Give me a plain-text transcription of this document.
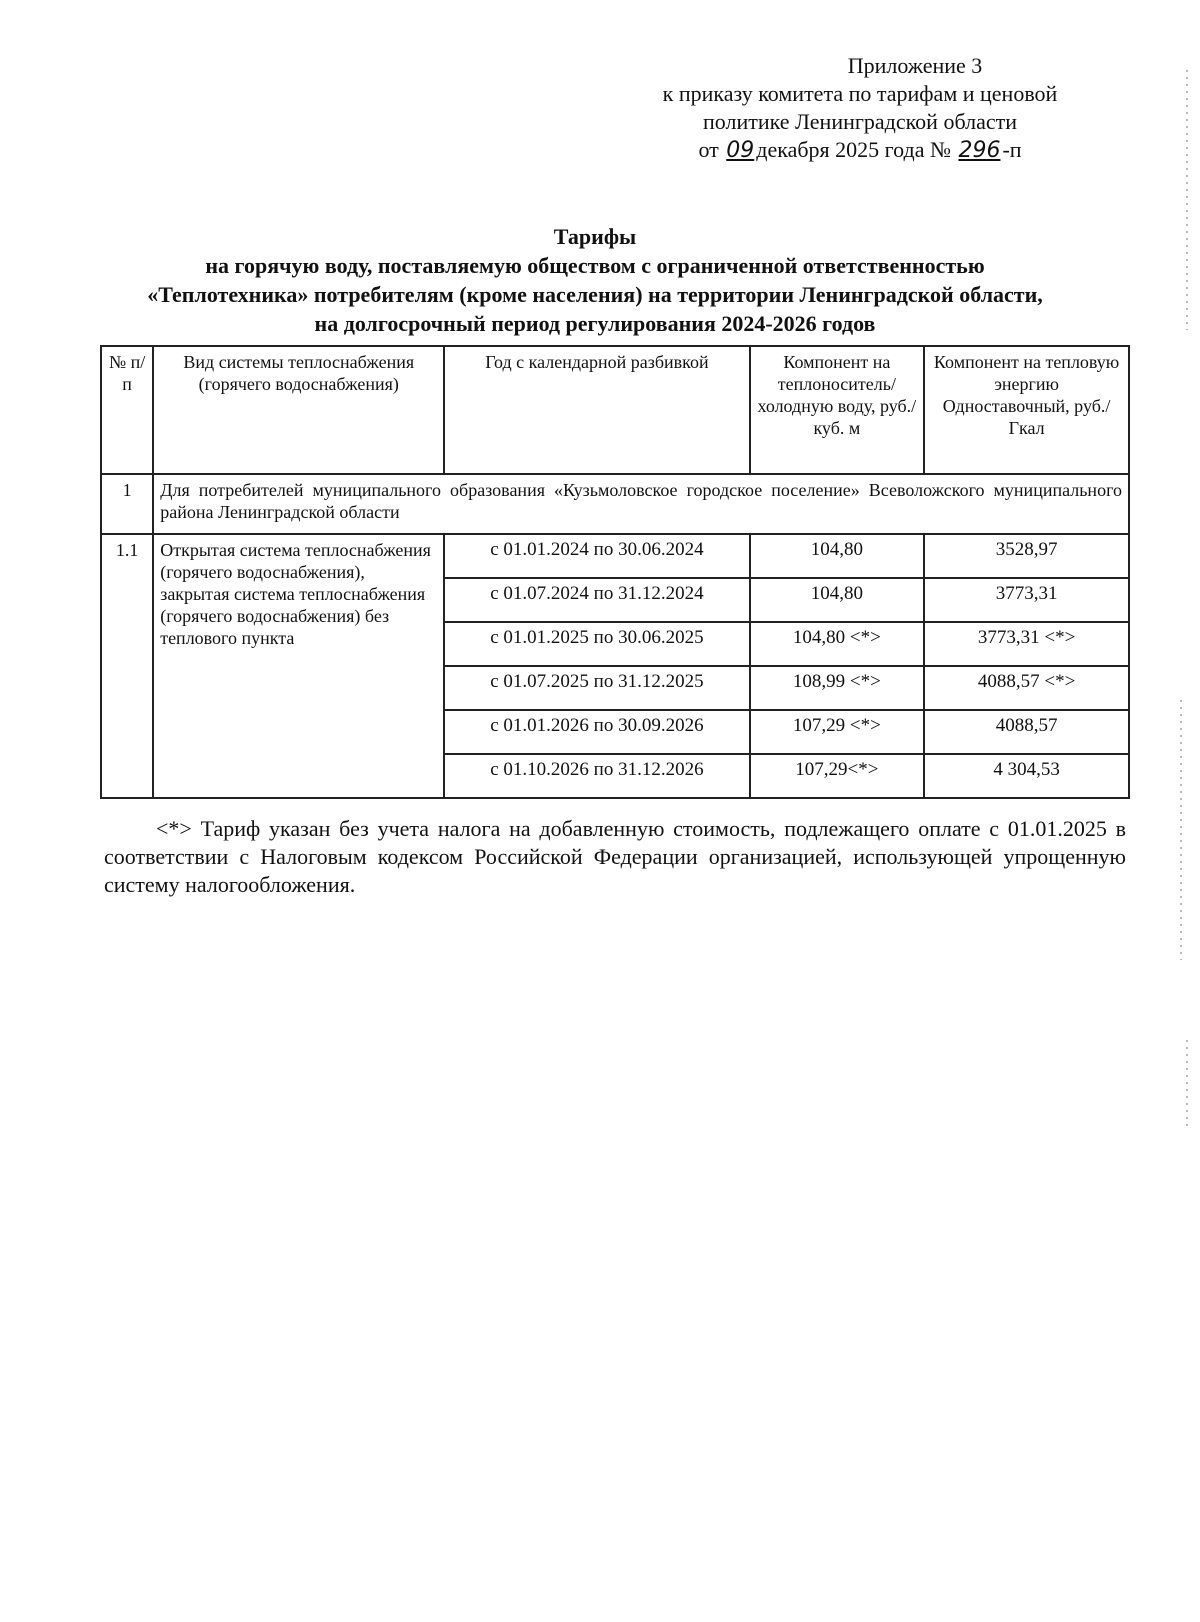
Приложение 3
к приказу комитета по тарифам и ценовой
политике Ленинградской области
от 09декабря 2025 года № 296-п
Тарифы
на горячую воду, поставляемую обществом с ограниченной ответственностью
«Теплотехника» потребителям (кроме населения) на территории Ленинградской области,
на долгосрочный период регулирования 2024-2026 годов
№ п/п	Вид системы теплоснабжения (горячего водоснабжения)	Год с календарной разбивкой	Компонент на теплоноситель/холодную воду, руб./куб. м	Компонент на тепловую энергию Одноставочный, руб./Гкал
1	Для потребителей муниципального образования «Кузьмоловское городское поселение» Всеволожского муниципального района Ленинградской области			
1.1	Открытая система теплоснабжения (горячего водоснабжения), закрытая система теплоснабжения (горячего водоснабжения) без теплового пункта	с 01.01.2024 по 30.06.2024	104,80	3528,97
		с 01.07.2024 по 31.12.2024	104,80	3773,31
		с 01.01.2025 по 30.06.2025	104,80 <*>	3773,31 <*>
		с 01.07.2025 по 31.12.2025	108,99 <*>	4088,57 <*>
		с 01.01.2026 по 30.09.2026	107,29 <*>	4088,57
		с 01.10.2026 по 31.12.2026	107,29<*>	4 304,53
<*> Тариф указан без учета налога на добавленную стоимость, подлежащего оплате с 01.01.2025 в соответствии с Налоговым кодексом Российской Федерации организацией, использующей упрощенную систему налогообложения.
